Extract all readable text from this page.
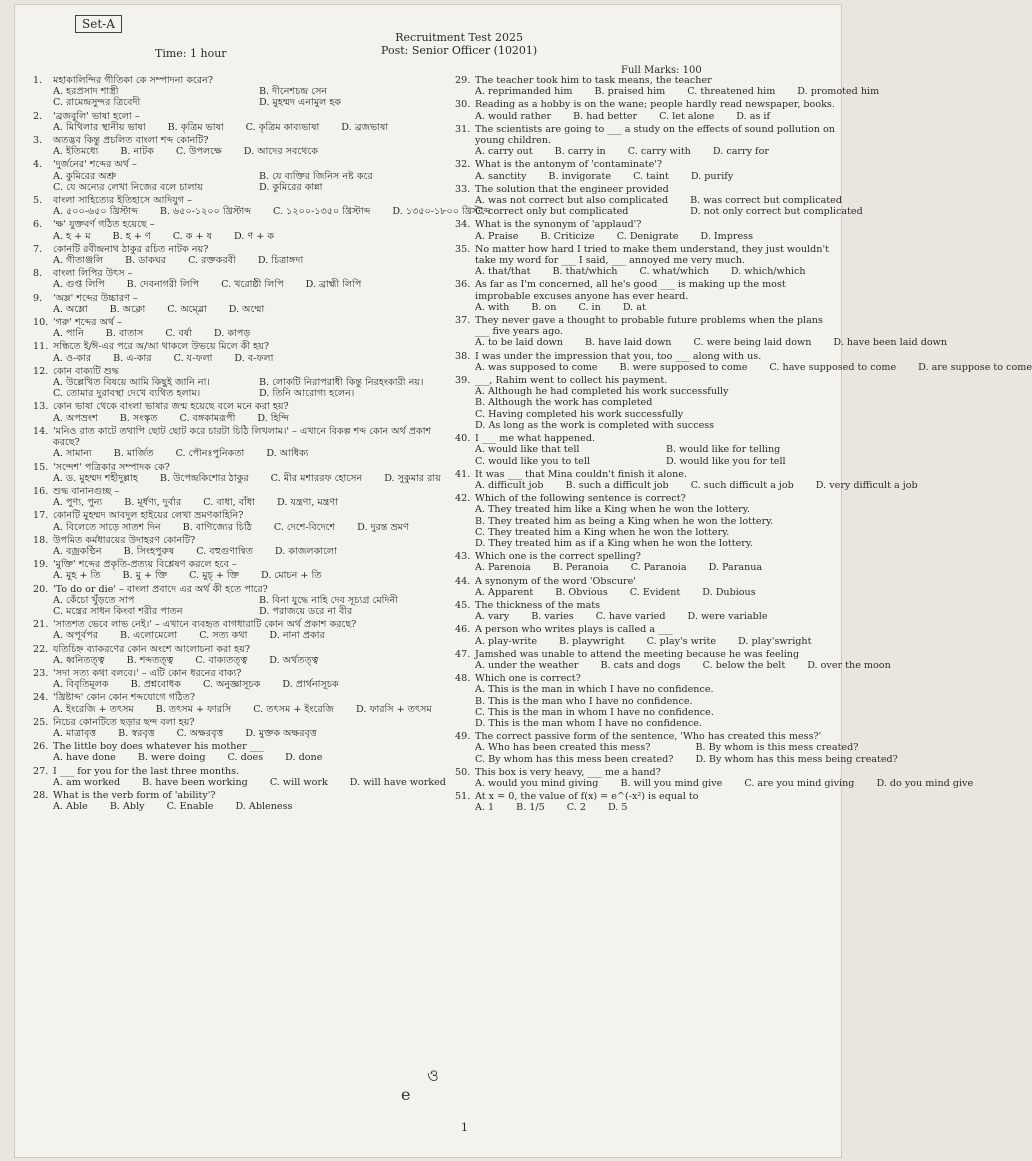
Set-A
Time: 1 hour
Recruitment Test 2025
Post: Senior Officer (10201)
Full Marks: 100
1.	মহাকালিন্দির গীতিকা কে সম্পাদনা করেন?
A. হরপ্রসাদ শাস্ত্রী	B. দীনেশচন্দ্র সেন
C. রামেন্দ্রসুন্দর ত্রিবেদী	D. মুহম্মদ এনামুল হক
2.	'ব্রজবুলি' ভাষা হলো –
A. মিথিলার স্থানীয় ভাষা B. কৃত্রিম ভাষা C. কৃত্রিম কাব্যভাষা D. ব্রজভাষা
3.	অতদ্ভব কিন্তু প্রচলিত বাংলা শব্দ কোনটি?
A. ইতিমধ্যে B. নাটক C. উপলক্ষে D. আদের সবথেকে
4.	'দুর্জনের' শব্দের অর্থ –
A. কুমিরের অশ্রু	B. যে ব্যক্তির জিনিস নষ্ট করে
C. যে অন্যের লেখা নিজের বলে চালায়	D. কুমিরের কান্না
5.	বাংলা সাহিত্যের ইতিহাসে আদিযুগ –
A. ৫০০-৬৫০ খ্রিস্টাব্দ B. ৬৫০-১২০০ খ্রিস্টাব্দ C. ১২০০-১৩৫০ খ্রিস্টাব্দ D. ১৩৫০-১৮০০ খ্রিস্টাব্দ
6.	'ক্ষ' যুক্তবর্ণ গঠিত হয়েছে –
A. হ + ম B. হ + ণ C. ক + ষ D. ণ + ক
7.	কোনটি রবীন্দ্রনাথ ঠাকুর রচিত নাটক নয়?
A. গীতাঞ্জলি B. ডাকঘর C. রক্তকরবী D. চিত্রাঙ্গদা
8.	বাংলা লিপির উৎস –
A. গুপ্ত লিপি B. দেবনাগরী লিপি C. খরোষ্ঠী লিপি D. ব্রাহ্মী লিপি
9.	'অম্ল' শব্দের উচ্চারণ –
A. অম্লো B. অক্লো C. অম্ব্লো D. অম্মো
10. 'গরু' শব্দের অর্থ –
A. পানি B. বাতাস C. বর্ষা D. কাপড়
11. সন্ধিতে ই/ঈ-এর পরে অ/আ থাকলে উভয়ে মিলে কী হয়?
A. ও-কার B. এ-কার C. য-ফলা D. ব-ফলা
12. কোন বাক্যটি শুদ্ধ
A. উল্লেখিত বিষয়ে আমি কিছুই জানি না।	B. লোকটি নিরাপরাধী কিন্তু নিরহংকারী নয়।
C. তোমার দুরাবস্থা দেখে ব্যথিত হলাম।	D. তিনি আরোগ্য হলেন।
13. কোন ভাষা থেকে বাংলা ভাষার জন্ম হয়েছে বলে মনে করা হয়?
A. অপভ্রংশ B. সংস্কৃত C. বঙ্গকামরূপী D. হিন্দি
14. 'মনিও রাত কাটে তথাপি ছোট ছোট করে চারটা চিঠি লিখলাম।' – এখানে বিকল্প শব্দ কোন অর্থ প্রকাশ করছে?
A. সামান্য B. মার্জিত C. পৌনঃপুনিকতা D. আধিক্য
15. 'সন্দেশ' পত্রিকার সম্পাদক কে?
A. ড. মুহম্মদ শহীদুল্লাহ B. উপেন্দ্রকিশোর ঠাকুর C. মীর মশাররফ হোসেন D. সুকুমার রায়
16. শুদ্ধ বানানগুচ্ছ –
A. পুণ্য, পুন্য B. মূর্ধণ্য, দুর্বার C. বাধা, বাঁধা D. যন্ত্রণা, মন্ত্রণা
17. কোনটি মুহম্মদ আবদুল হাইয়ের লেখা ভ্রমণকাহিনি?
A. বিলেতে সাড়ে সাতশ দিন B. বাণিজ্যের চিঠি C. দেশে-বিদেশে D. দুরন্ত ভ্রমণ
18. উপমিত কর্মধারয়ের উদাহরণ কোনটি?
A. বজ্রকণ্ঠিন B. সিংহপুরুষ C. বহুগুণান্বিত D. কাজলকালো
19. 'মুক্তি' শব্দের প্রকৃতি-প্রত্যয় বিশ্লেষণ করলে হবে –
A. মুহ + তি B. মু + ক্তি C. মুচ্ + ক্তি D. মোচন + তি
20. 'To do or die' – বাংলা প্রবাদে এর অর্থ কী হতে পারে?
A. কেঁচো খুঁড়তে সাপ	B. বিনা যুদ্ধে নাহি দেব সূচ্যগ্র মেদিনী
C. মন্ত্রের সাধন কিংবা শরীর পাতন	D. পরাজয়ে ডরে না বীর
21. 'সাতশত ভেবে লাভ নেই।' – এখানে ব্যবহৃত বাগধারাটি কোন অর্থ প্রকাশ করছে?
A. অপূর্বপর B. এলোমেলো C. সত্য কথা D. নানা প্রকার
22. যতিচিহ্ন ব্যাকরণের কোন অংশে আলোচনা করা হয়?
A. ধ্বনিতত্ত্ব B. শব্দতত্ত্ব C. বাক্যতত্ত্ব D. অর্থতত্ত্ব
23. 'সদা সত্য কথা বলবে।' – এটি কোন ধরনের বাক্য?
A. বিবৃতিমূলক B. প্রশ্নবোধক C. অনুজ্ঞাসূচক D. প্রার্থনাসূচক
24. 'খ্রিষ্টাব্দ' কোন কোন শব্দযোগে গঠিত?
A. ইংরেজি + তৎসম B. তৎসম + ফারসি C. তৎসম + ইংরেজি D. ফারসি + তৎসম
25. নিচের কোনটিতে ছড়ার ছন্দ বলা হয়?
A. মাত্রাবৃত্ত B. স্বরবৃত্ত C. অক্ষরবৃত্ত D. মুক্তক অক্ষরবৃত্ত
26. The little boy does whatever his mother ___
A. have done B. were doing C. does D. done
27. I ___ for you for the last three months.
A. am worked B. have been working C. will work D. will have worked
28. What is the verb form of 'ability'?
A. Able B. Ably C. Enable D. Ableness
29. The teacher took him to task means, the teacher
A. reprimanded him B. praised him C. threatened him D. promoted him
30. Reading as a hobby is on the wane; people hardly read newspaper, books.
A. would rather B. had better C. let alone D. as if
31. The scientists are going to ___ a study on the effects of sound pollution on young children.
A. carry out B. carry in C. carry with D. carry for
32. What is the antonym of 'contaminate'?
A. sanctity B. invigorate C. taint D. purify
33. The solution that the engineer provided
A. was not correct but also complicated B. was correct but complicated
C. correct only but complicated	D. not only correct but complicated
34. What is the synonym of 'applaud'?
A. Praise B. Criticize C. Denigrate D. Impress
35. No matter how hard I tried to make them understand, they just wouldn't take my word for ___ I said, ___ annoyed me very much.
A. that/that B. that/which C. what/which D. which/which
36. As far as I'm concerned, all he's good ___ is making up the most improbable excuses anyone has ever heard.
A. with B. on C. in D. at
37. They never gave a thought to probable future problems when the plans ___ five years ago.
A. to be laid down B. have laid down C. were being laid down D. have been laid down
38. I was under the impression that you, too ___ along with us.
A. was supposed to come B. were supposed to come C. have supposed to come D. are suppose to come
39. ___, Rahim went to collect his payment.
A. Although he had completed his work successfully
B. Although the work has completed
C. Having completed his work successfully
D. As long as the work is completed with success
40. I ___ me what happened.
A. would like that tell	B. would like for telling
C. would like you to tell	D. would like you for tell
41. It was ___ that Mina couldn't finish it alone.
A. difficult job B. such a difficult job C. such difficult a job D. very difficult a job
42. Which of the following sentence is correct?
A. They treated him like a King when he won the lottery.
B. They treated him as being a King when he won the lottery.
C. They treated him a King when he won the lottery.
D. They treated him as if a King when he won the lottery.
43. Which one is the correct spelling?
A. Parenoia B. Peranoia C. Paranoia D. Paranua
44. A synonym of the word 'Obscure'
A. Apparent B. Obvious C. Evident D. Dubious
45. The thickness of the mats
A. vary B. varies C. have varied D. were variable
46. A person who writes plays is called a ___
A. play-write B. playwright C. play's write D. play'swright
47. Jamshed was unable to attend the meeting because he was feeling
A. under the weather B. cats and dogs C. below the belt D. over the moon
48. Which one is correct?
A. This is the man in which I have no confidence.
B. This is the man who I have no confidence.
C. This is the man in whom I have no confidence.
D. This is the man whom I have no confidence.
49. The correct passive form of the sentence, 'Who has created this mess?'
A. Who has been created this mess?	B. By whom is this mess created?
C. By whom has this mess been created? D. By whom has this mess being created?
50. This box is very heavy, ___ me a hand?
A. would you mind giving B. will you mind give C. are you mind giving D. do you mind give
51. At x = 0, the value of f(x) = e^(-x²) is equal to
A. 1 B. 1/5 C. 2 D. 5
e
ও
1
